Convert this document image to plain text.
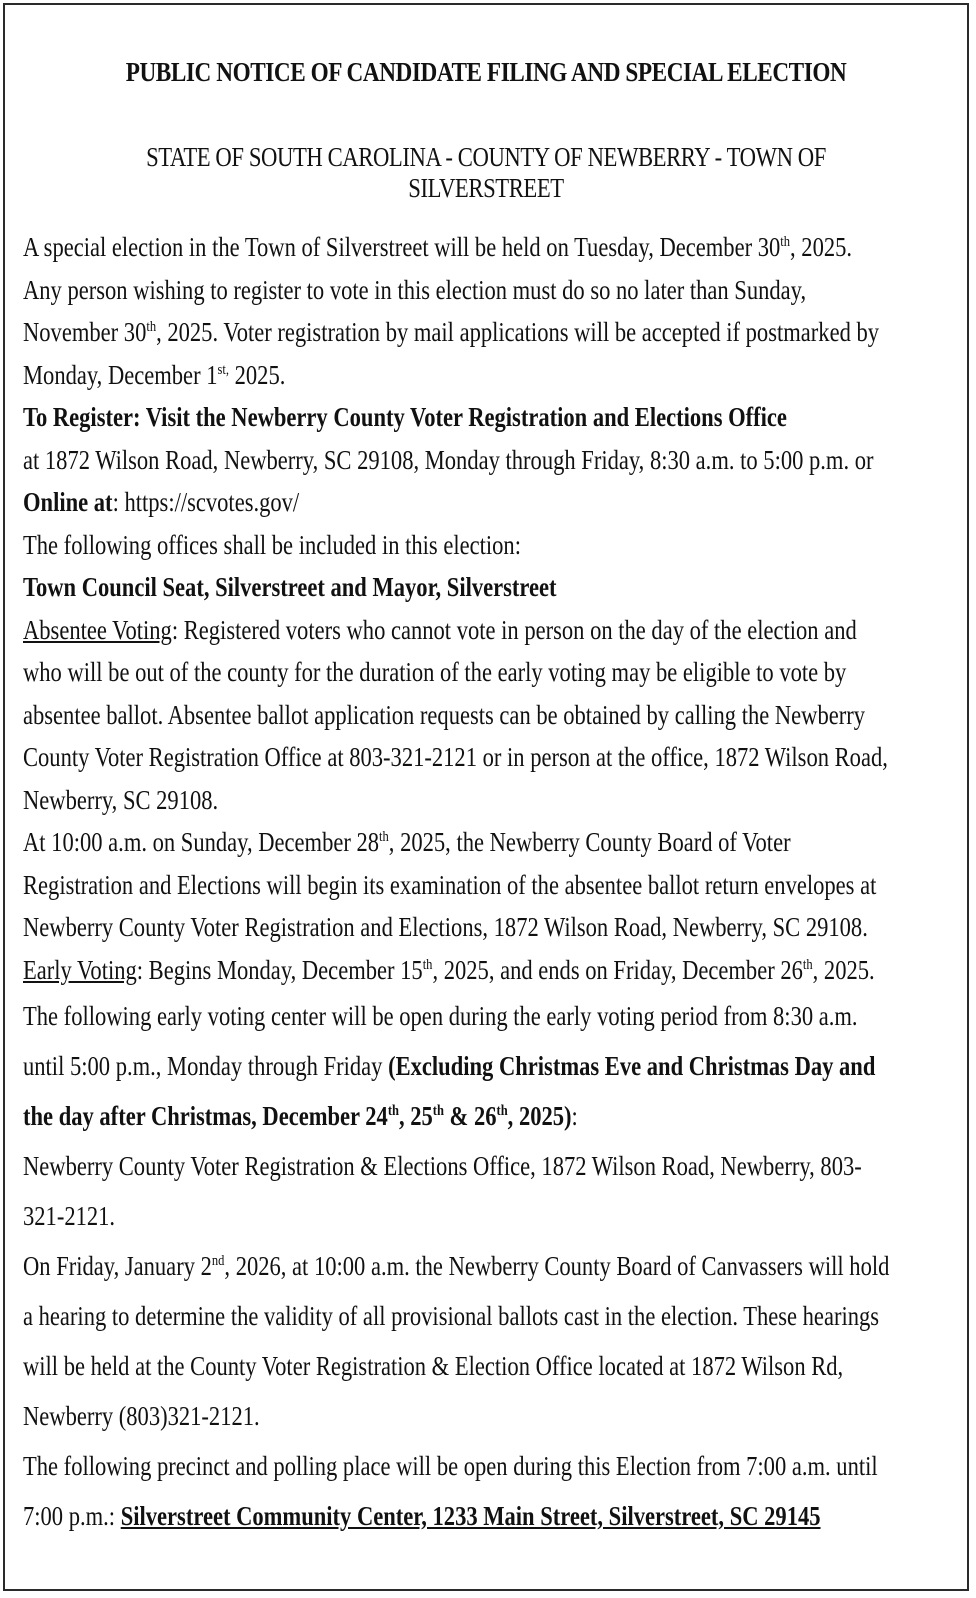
PUBLIC NOTICE OF CANDIDATE FILING AND SPECIAL ELECTION
STATE OF SOUTH CAROLINA - COUNTY OF NEWBERRY - TOWN OF SILVERSTREET

A special election in the Town of Silverstreet will be held on Tuesday, December 30th, 2025.

Any person wishing to register to vote in this election must do so no later than Sunday,

November 30th, 2025. Voter registration by mail applications will be accepted if postmarked by

Monday, December $1^{st,}$ 2025.

To Register: Visit the Newberry County Voter Registration and Elections Office

at 1872 Wilson Road, Newberry, SC 29108, Monday through Friday, 8:30 a.m. to 5:00 p.m. or

Online at: https://scvotes.gov/

The following offices shall be included in this election:

Town Council Seat, Silverstreet and Mayor, Silverstreet

Absentee Voting: Registered voters who cannot vote in person on the day of the election and

who will be out of the county for the duration of the early voting may be eligible to vote by

absentee ballot. Absentee ballot application requests can be obtained by calling the Newberry

County Voter Registration Office at 803-321-2121 or in person at the office, 1872 Wilson Road,

Newberry, SC 29108.

At 10:00 a.m. on Sunday, December 28th, 2025, the Newberry County Board of Voter

Registration and Elections will begin its examination of the absentee ballot return envelopes at

Newberry County Voter Registration and Elections, 1872 Wilson Road, Newberry, SC 29108.

Early Voting: Begins Monday, December 15th, 2025, and ends on Friday, December 26th, 2025.

The following early voting center will be open during the early voting period from 8:30 a.m.

until 5:00 p.m., Monday through Friday (Excluding Christmas Eve and Christmas Day and

the day after Christmas, December 24th, 25th & 26th, 2025):

Newberry County Voter Registration & Elections Office, 1872 Wilson Road, Newberry, 803-

321-2121.

On Friday, January 2nd, 2026, at 10:00 a.m. the Newberry County Board of Canvassers will hold

a hearing to determine the validity of all provisional ballots cast in the election. These hearings

will be held at the County Voter Registration & Election Office located at 1872 Wilson Rd,

Newberry (803)321-2121.

The following precinct and polling place will be open during this Election from 7:00 a.m. until

7:00 p.m.: Silverstreet Community Center, 1233 Main Street, Silverstreet, SC 29145
